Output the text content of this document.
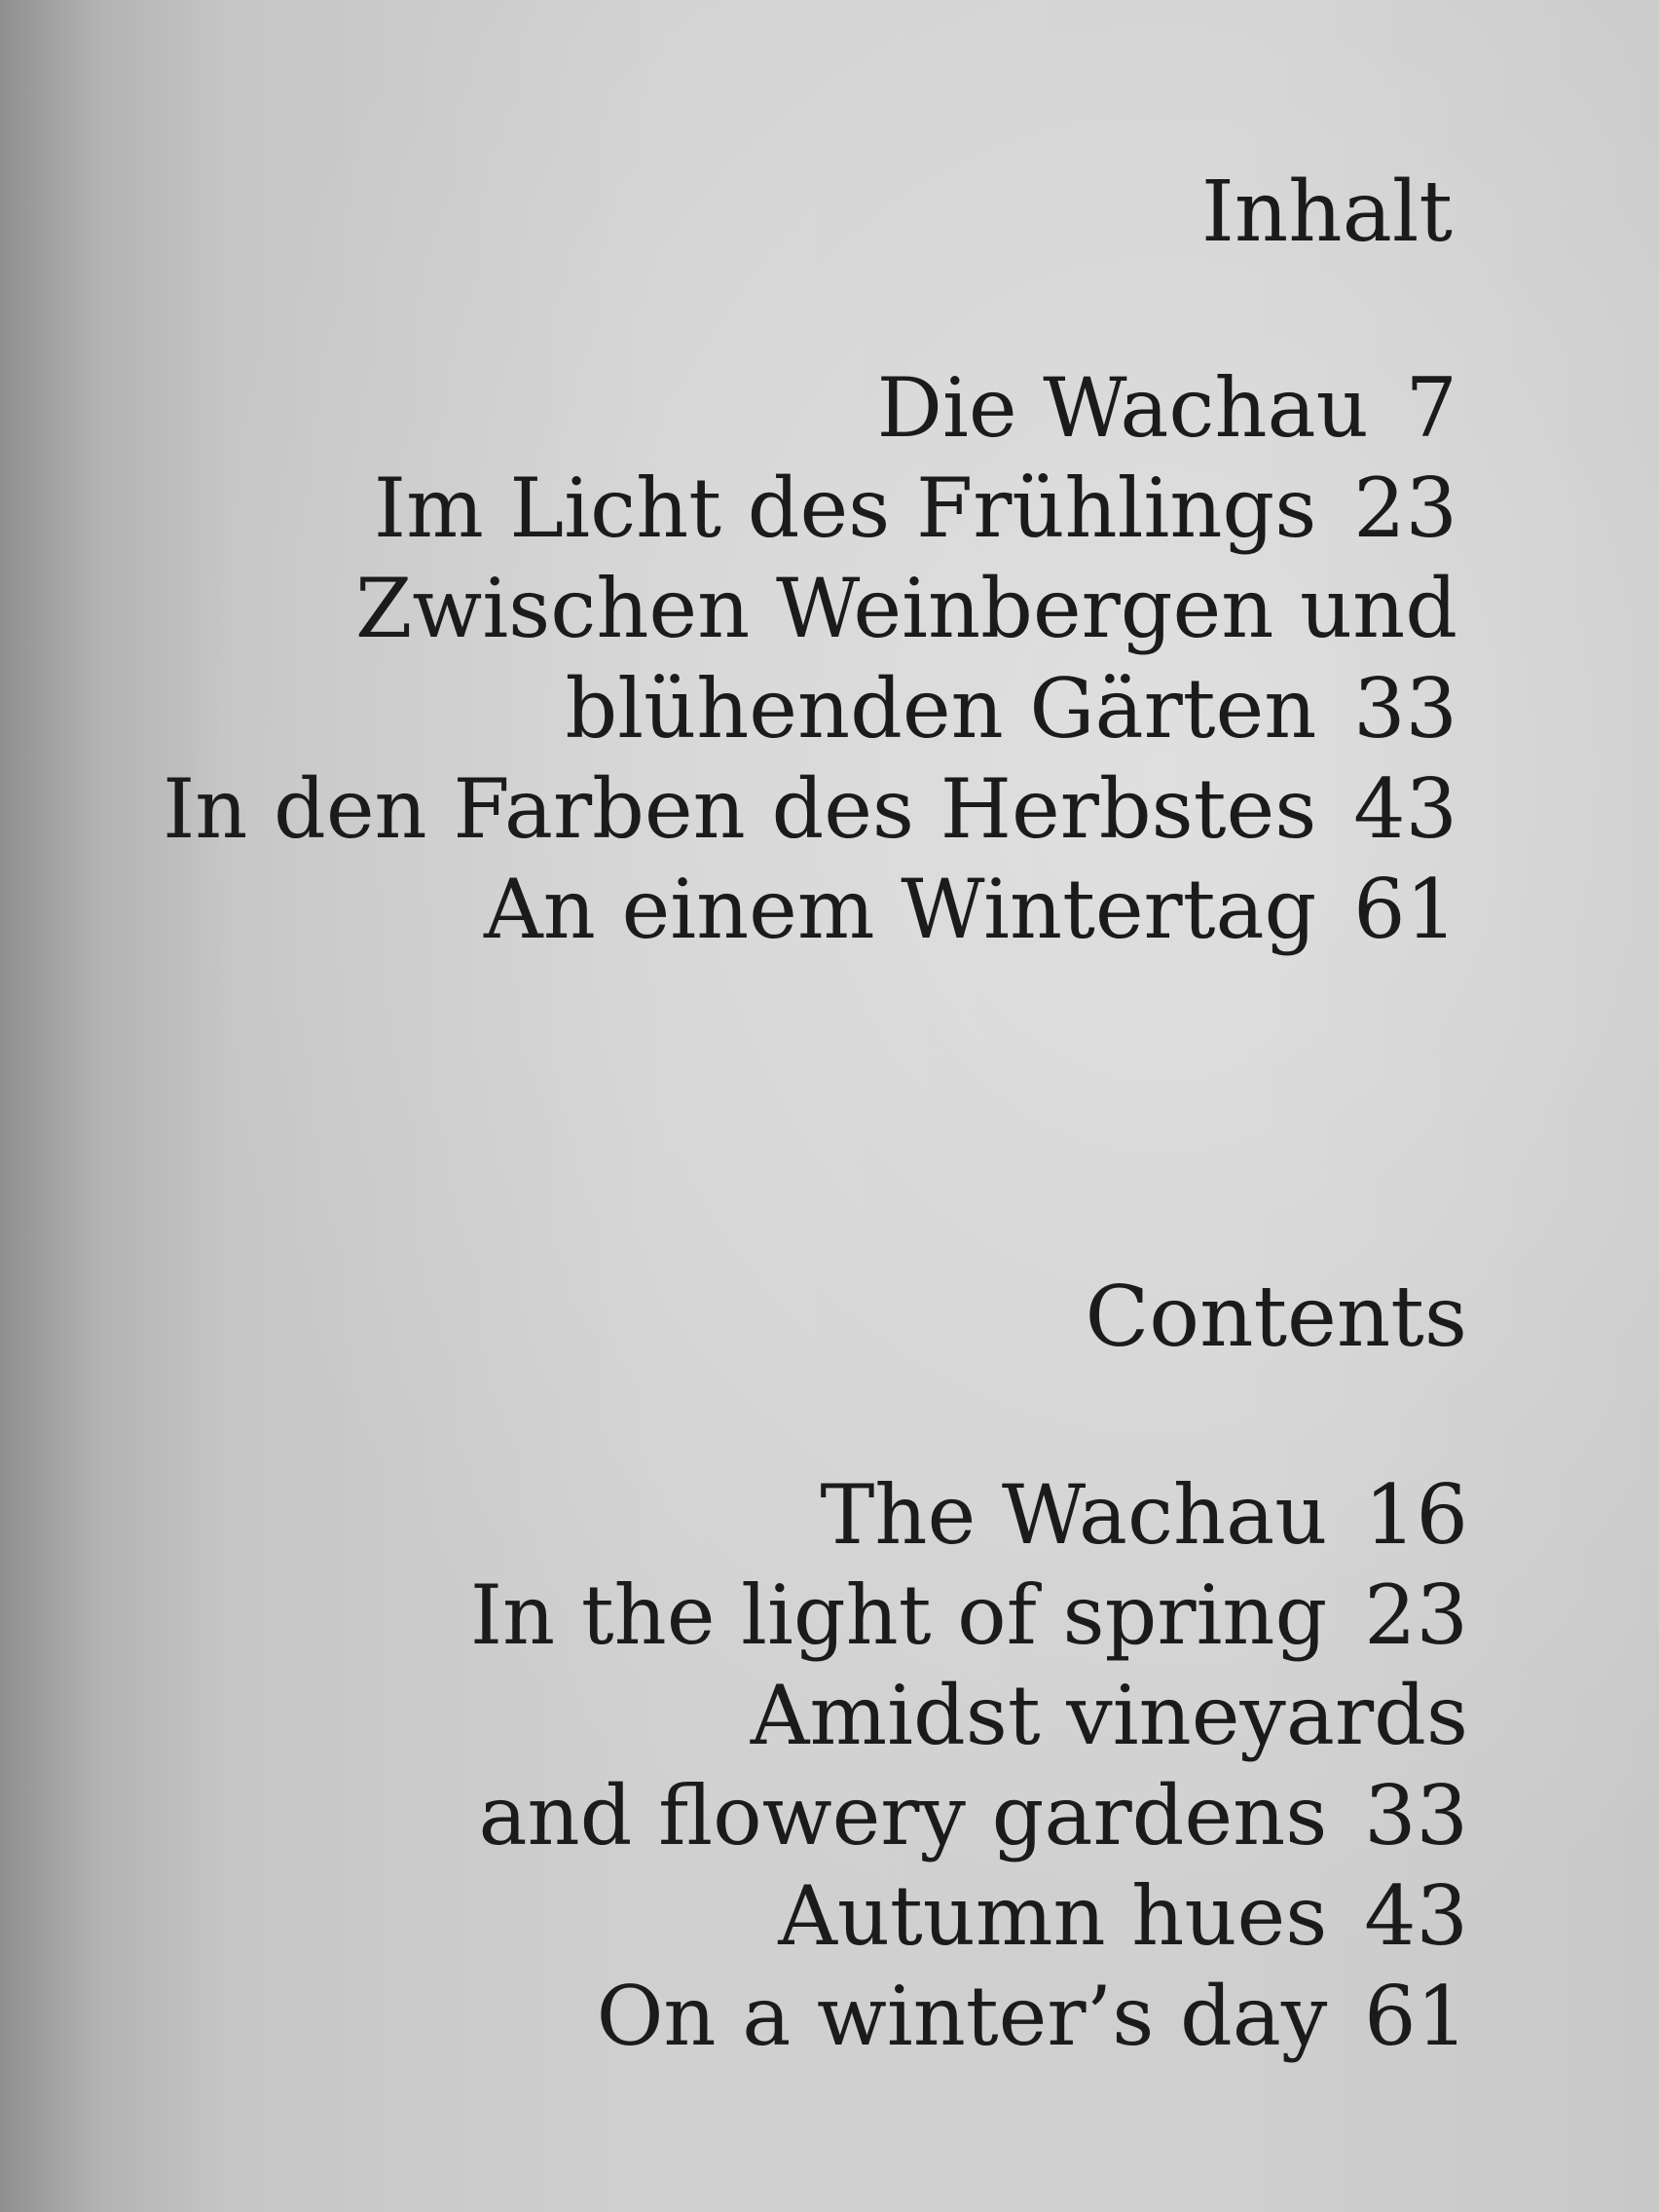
Inhalt
Die Wachau 7
Im Licht des Frühlings 23
Zwischen Weinbergen und
blühenden Gärten 33
In den Farben des Herbstes 43
An einem Wintertag 61
Contents
The Wachau 16
In the light of spring 23
Amidst vineyards
and flowery gardens 33
Autumn hues 43
On a winter’s day 61
